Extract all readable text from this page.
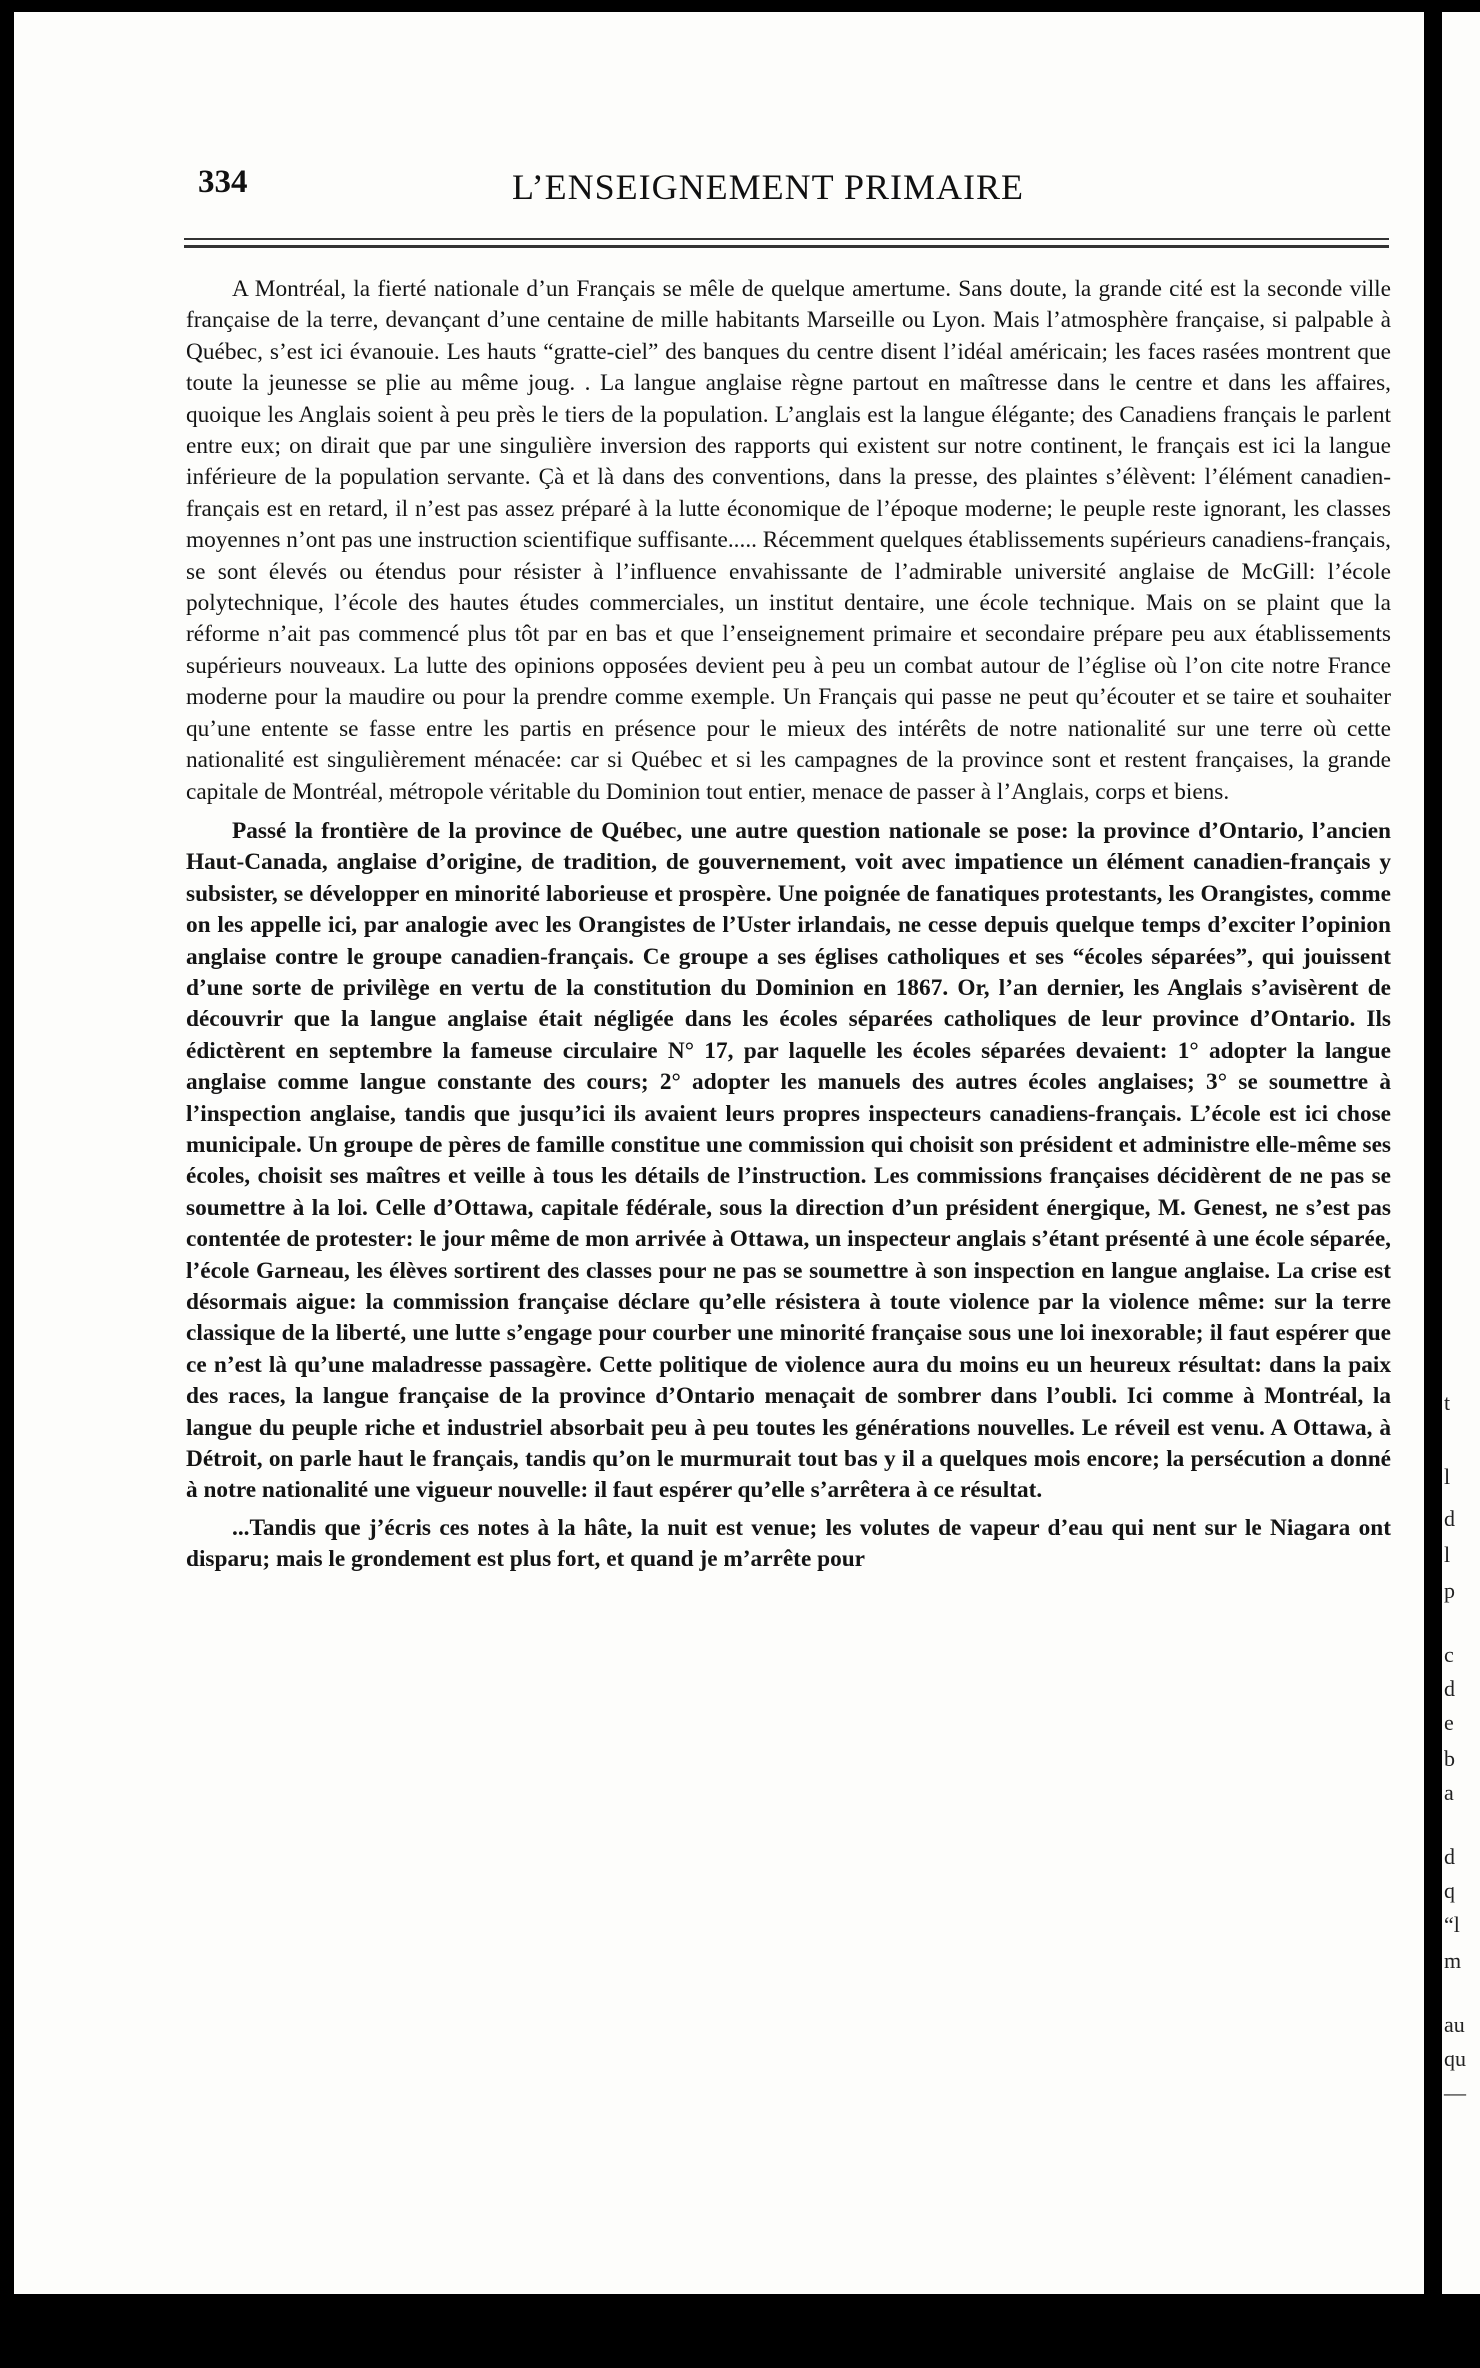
334	L’ENSEIGNEMENT PRIMAIRE

A Montréal, la fierté nationale d’un Français se mêle de quelque amertume. Sans doute, la grande cité est la seconde ville française de la terre, devançant d’une centaine de mille habitants Marseille ou Lyon. Mais l’atmosphère française, si palpable à Québec, s’est ici évanouie. Les hauts “gratte-ciel” des banques du centre disent l’idéal américain; les faces rasées montrent que toute la jeunesse se plie au même joug. . La langue anglaise règne partout en maîtresse dans le centre et dans les affaires, quoique les Anglais soient à peu près le tiers de la population. L’anglais est la langue élégante; des Canadiens français le parlent entre eux; on dirait que par une singulière inversion des rapports qui existent sur notre continent, le français est ici la langue inférieure de la population servante. Çà et là dans des conventions, dans la presse, des plaintes s’élèvent: l’élément canadien-français est en retard, il n’est pas assez préparé à la lutte économique de l’époque moderne; le peuple reste ignorant, les classes moyennes n’ont pas une instruction scientifique suffisante..... Récemment quelques établissements supérieurs canadiens-français, se sont élevés ou étendus pour résister à l’influence envahissante de l’admirable université anglaise de McGill: l’école polytechnique, l’école des hautes études commerciales, un institut dentaire, une école technique. Mais on se plaint que la réforme n’ait pas commencé plus tôt par en bas et que l’enseignement primaire et secondaire prépare peu aux établissements supérieurs nouveaux. La lutte des opinions opposées devient peu à peu un combat autour de l’église où l’on cite notre France moderne pour la maudire ou pour la prendre comme exemple. Un Français qui passe ne peut qu’écouter et se taire et souhaiter qu’une entente se fasse entre les partis en présence pour le mieux des intérêts de notre nationalité sur une terre où cette nationalité est singulièrement ménacée: car si Québec et si les campagnes de la province sont et restent françaises, la grande capitale de Montréal, métropole véritable du Dominion tout entier, menace de passer à l’Anglais, corps et biens.

Passé la frontière de la province de Québec, une autre question nationale se pose: la province d’Ontario, l’ancien Haut-Canada, anglaise d’origine, de tradition, de gouvernement, voit avec impatience un élément canadien-français y subsister, se développer en minorité laborieuse et prospère. Une poignée de fanatiques protestants, les Orangistes, comme on les appelle ici, par analogie avec les Orangistes de l’Uster irlandais, ne cesse depuis quelque temps d’exciter l’opinion anglaise contre le groupe canadien-français. Ce groupe a ses églises catholiques et ses “écoles séparées”, qui jouissent d’une sorte de privilège en vertu de la constitution du Dominion en 1867. Or, l’an dernier, les Anglais s’avisèrent de découvrir que la langue anglaise était négligée dans les écoles séparées catholiques de leur province d’Ontario. Ils édictèrent en septembre la fameuse circulaire N° 17, par laquelle les écoles séparées devaient: 1° adopter la langue anglaise comme langue constante des cours; 2° adopter les manuels des autres écoles anglaises; 3° se soumettre à l’inspection anglaise, tandis que jusqu’ici ils avaient leurs propres inspecteurs canadiens-français. L’école est ici chose municipale. Un groupe de pères de famille constitue une commission qui choisit son président et administre elle-même ses écoles, choisit ses maîtres et veille à tous les détails de l’instruction. Les commissions françaises décidèrent de ne pas se soumettre à la loi. Celle d’Ottawa, capitale fédérale, sous la direction d’un président énergique, M. Genest, ne s’est pas contentée de protester: le jour même de mon arrivée à Ottawa, un inspecteur anglais s’étant présenté à une école séparée, l’école Garneau, les élèves sortirent des classes pour ne pas se soumettre à son inspection en langue anglaise. La crise est désormais aigue: la commission française déclare qu’elle résistera à toute violence par la violence même: sur la terre classique de la liberté, une lutte s’engage pour courber une minorité française sous une loi inexorable; il faut espérer que ce n’est là qu’une maladresse passagère. Cette politique de violence aura du moins eu un heureux résultat: dans la paix des races, la langue française de la province d’Ontario menaçait de sombrer dans l’oubli. Ici comme à Montréal, la langue du peuple riche et industriel absorbait peu à peu toutes les générations nouvelles. Le réveil est venu. A Ottawa, à Détroit, on parle haut le français, tandis qu’on le murmurait tout bas y il a quelques mois encore; la persécution a donné à notre nationalité une vigueur nouvelle: il faut espérer qu’elle s’arrêtera à ce résultat.

...Tandis que j’écris ces notes à la hâte, la nuit est venue; les volutes de vapeur d’eau qui nent sur le Niagara ont disparu; mais le grondement est plus fort, et quand je m’arrête pour

t
l
d
l
p
c
d
e
b
a
d
q
“l
m
au
qu
—
